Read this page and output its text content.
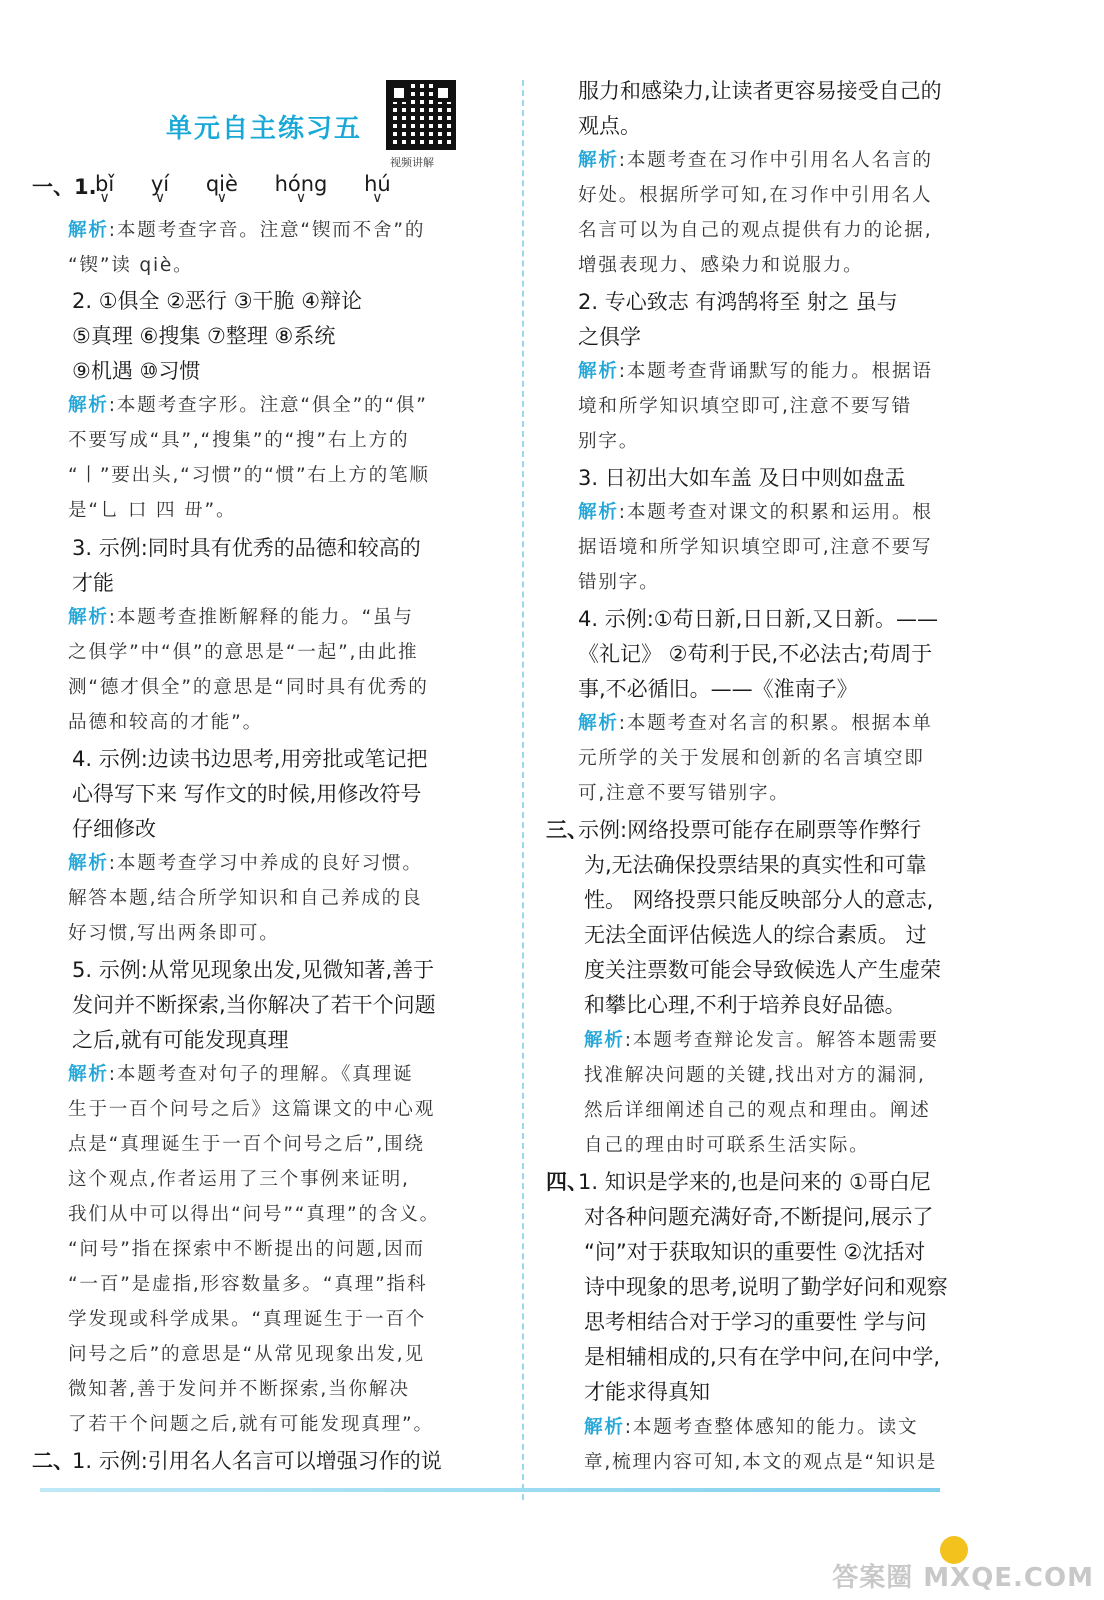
单元自主练习五
视频讲解
一、1.
bǐ ∨ yí ∨ qiè ∨ hóng ∨ hú ∨
二、
三、
四、
解析:本题考查字音。注意“锲而不舍”的
“锲”读 qiè。
2. ①俱全 ②恶行 ③干脆 ④辩论
⑤真理 ⑥搜集 ⑦整理 ⑧系统
⑨机遇 ⑩习惯
解析:本题考查字形。注意“俱全”的“俱”
不要写成“具”,“搜集”的“搜”右上方的
“丨”要出头,“习惯”的“惯”右上方的笔顺
是“乚 口 四 毌”。
3. 示例:同时具有优秀的品德和较高的
才能
解析:本题考查推断解释的能力。“虽与
之俱学”中“俱”的意思是“一起”,由此推
测“德才俱全”的意思是“同时具有优秀的
品德和较高的才能”。
4. 示例:边读书边思考,用旁批或笔记把
心得写下来 写作文的时候,用修改符号
仔细修改
解析:本题考查学习中养成的良好习惯。
解答本题,结合所学知识和自己养成的良
好习惯,写出两条即可。
5. 示例:从常见现象出发,见微知著,善于
发问并不断探索,当你解决了若干个问题
之后,就有可能发现真理
解析:本题考查对句子的理解。《真理诞
生于一百个问号之后》这篇课文的中心观
点是“真理诞生于一百个问号之后”,围绕
这个观点,作者运用了三个事例来证明,
我们从中可以得出“问号”“真理”的含义。
“问号”指在探索中不断提出的问题,因而
“一百”是虚指,形容数量多。“真理”指科
学发现或科学成果。“真理诞生于一百个
问号之后”的意思是“从常见现象出发,见
微知著,善于发问并不断探索,当你解决
了若干个问题之后,就有可能发现真理”。
1. 示例:引用名人名言可以增强习作的说
服力和感染力,让读者更容易接受自己的
观点。
解析:本题考查在习作中引用名人名言的
好处。根据所学可知,在习作中引用名人
名言可以为自己的观点提供有力的论据,
增强表现力、感染力和说服力。
2. 专心致志 有鸿鹄将至 射之 虽与
之俱学
解析:本题考查背诵默写的能力。根据语
境和所学知识填空即可,注意不要写错
别字。
3. 日初出大如车盖 及日中则如盘盂
解析:本题考查对课文的积累和运用。根
据语境和所学知识填空即可,注意不要写
错别字。
4. 示例:①苟日新,日日新,又日新。——
《礼记》 ②苟利于民,不必法古;苟周于
事,不必循旧。——《淮南子》
解析:本题考查对名言的积累。根据本单
元所学的关于发展和创新的名言填空即
可,注意不要写错别字。
示例:网络投票可能存在刷票等作弊行
为,无法确保投票结果的真实性和可靠
性。 网络投票只能反映部分人的意志,
无法全面评估候选人的综合素质。 过
度关注票数可能会导致候选人产生虚荣
和攀比心理,不利于培养良好品德。
解析:本题考查辩论发言。解答本题需要
找准解决问题的关键,找出对方的漏洞,
然后详细阐述自己的观点和理由。阐述
自己的理由时可联系生活实际。
1. 知识是学来的,也是问来的 ①哥白尼
对各种问题充满好奇,不断提问,展示了
“问”对于获取知识的重要性 ②沈括对
诗中现象的思考,说明了勤学好问和观察
思考相结合对于学习的重要性 学与问
是相辅相成的,只有在学中问,在问中学,
才能求得真知
解析:本题考查整体感知的能力。读文
章,梳理内容可知,本文的观点是“知识是
答案圈 MXQE.COM
